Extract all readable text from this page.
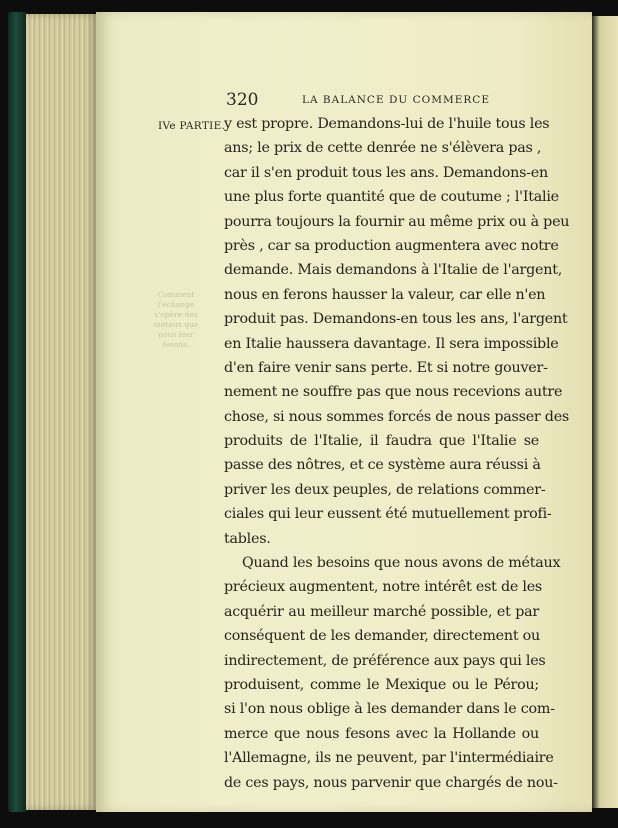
320	LA BALANCE DU COMMERCE
IVe PARTIE.
Comment
l'échange
s'opère des
métaux que
nous leur
fesons.
y est propre. Demandons-lui de l'huile tous les
ans; le prix de cette denrée ne s'élèvera pas ,
car il s'en produit tous les ans. Demandons-en
une plus forte quantité que de coutume ; l'Italie
pourra toujours la fournir au même prix ou à peu
près , car sa production augmentera avec notre
demande. Mais demandons à l'Italie de l'argent,
nous en ferons hausser la valeur, car elle n'en
produit pas. Demandons-en tous les ans, l'argent
en Italie haussera davantage. Il sera impossible
d'en faire venir sans perte. Et si notre gouver-
nement ne souffre pas que nous recevions autre
chose, si nous sommes forcés de nous passer des
produits de l'Italie, il faudra que l'Italie se
passe des nôtres, et ce système aura réussi à
priver les deux peuples, de relations commer-
ciales qui leur eussent été mutuellement profi-
tables.
Quand les besoins que nous avons de métaux
précieux augmentent, notre intérêt est de les
acquérir au meilleur marché possible, et par
conséquent de les demander, directement ou
indirectement, de préférence aux pays qui les
produisent, comme le Mexique ou le Pérou;
si l'on nous oblige à les demander dans le com-
merce que nous fesons avec la Hollande ou
l'Allemagne, ils ne peuvent, par l'intermédiaire
de ces pays, nous parvenir que chargés de nou-
